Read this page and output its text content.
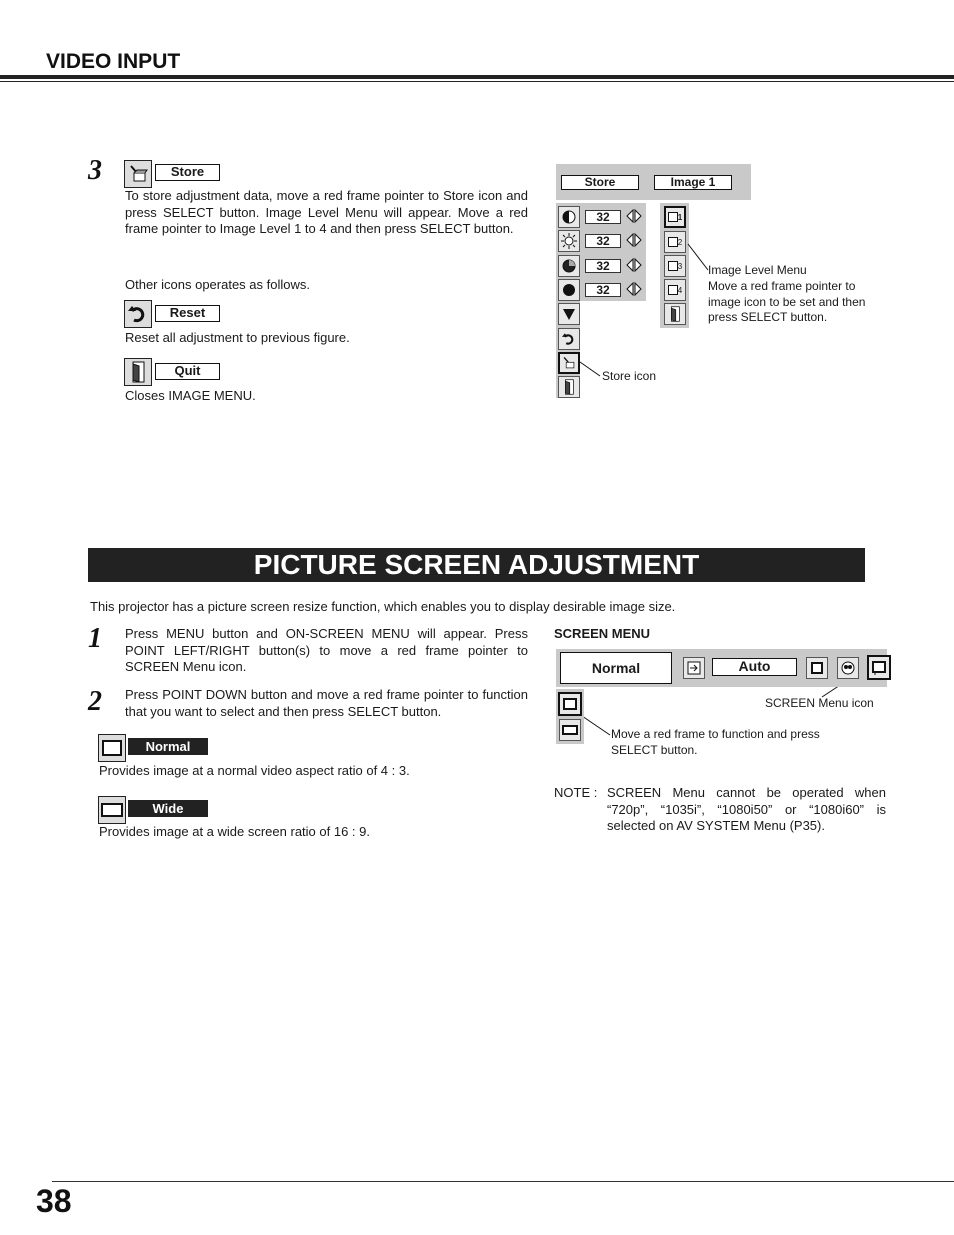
VIDEO INPUT
3	Store
To store adjustment data, move a red frame pointer to Store icon and press SELECT button. Image Level Menu will appear. Move a red frame pointer to Image Level 1 to 4 and then press SELECT button.
Other icons operates as follows.
Reset
Reset all adjustment to previous figure.
Quit
Closes IMAGE MENU.
Store	Image 1
32
32
32
32
1
2
3
4
Image Level Menu
Move a red frame pointer to image icon to be set and then press SELECT button.
Store icon
PICTURE SCREEN ADJUSTMENT
This projector has a picture screen resize function, which enables you to display desirable image size.
1 Press MENU button and ON-SCREEN MENU will appear. Press POINT LEFT/RIGHT button(s) to move a red frame pointer to SCREEN Menu icon.
2 Press POINT DOWN button and move a red frame pointer to function that you want to select and then press SELECT button.
Normal
Provides image at a normal video aspect ratio of 4 : 3.
Wide
Provides image at a wide screen ratio of 16 : 9.
SCREEN MENU
Normal	Auto
SCREEN Menu icon
Move a red frame to function and press SELECT button.
NOTE : SCREEN Menu cannot be operated when “720p”, “1035i”, “1080i50” or “1080i60” is selected on AV SYSTEM Menu (P35).
38
